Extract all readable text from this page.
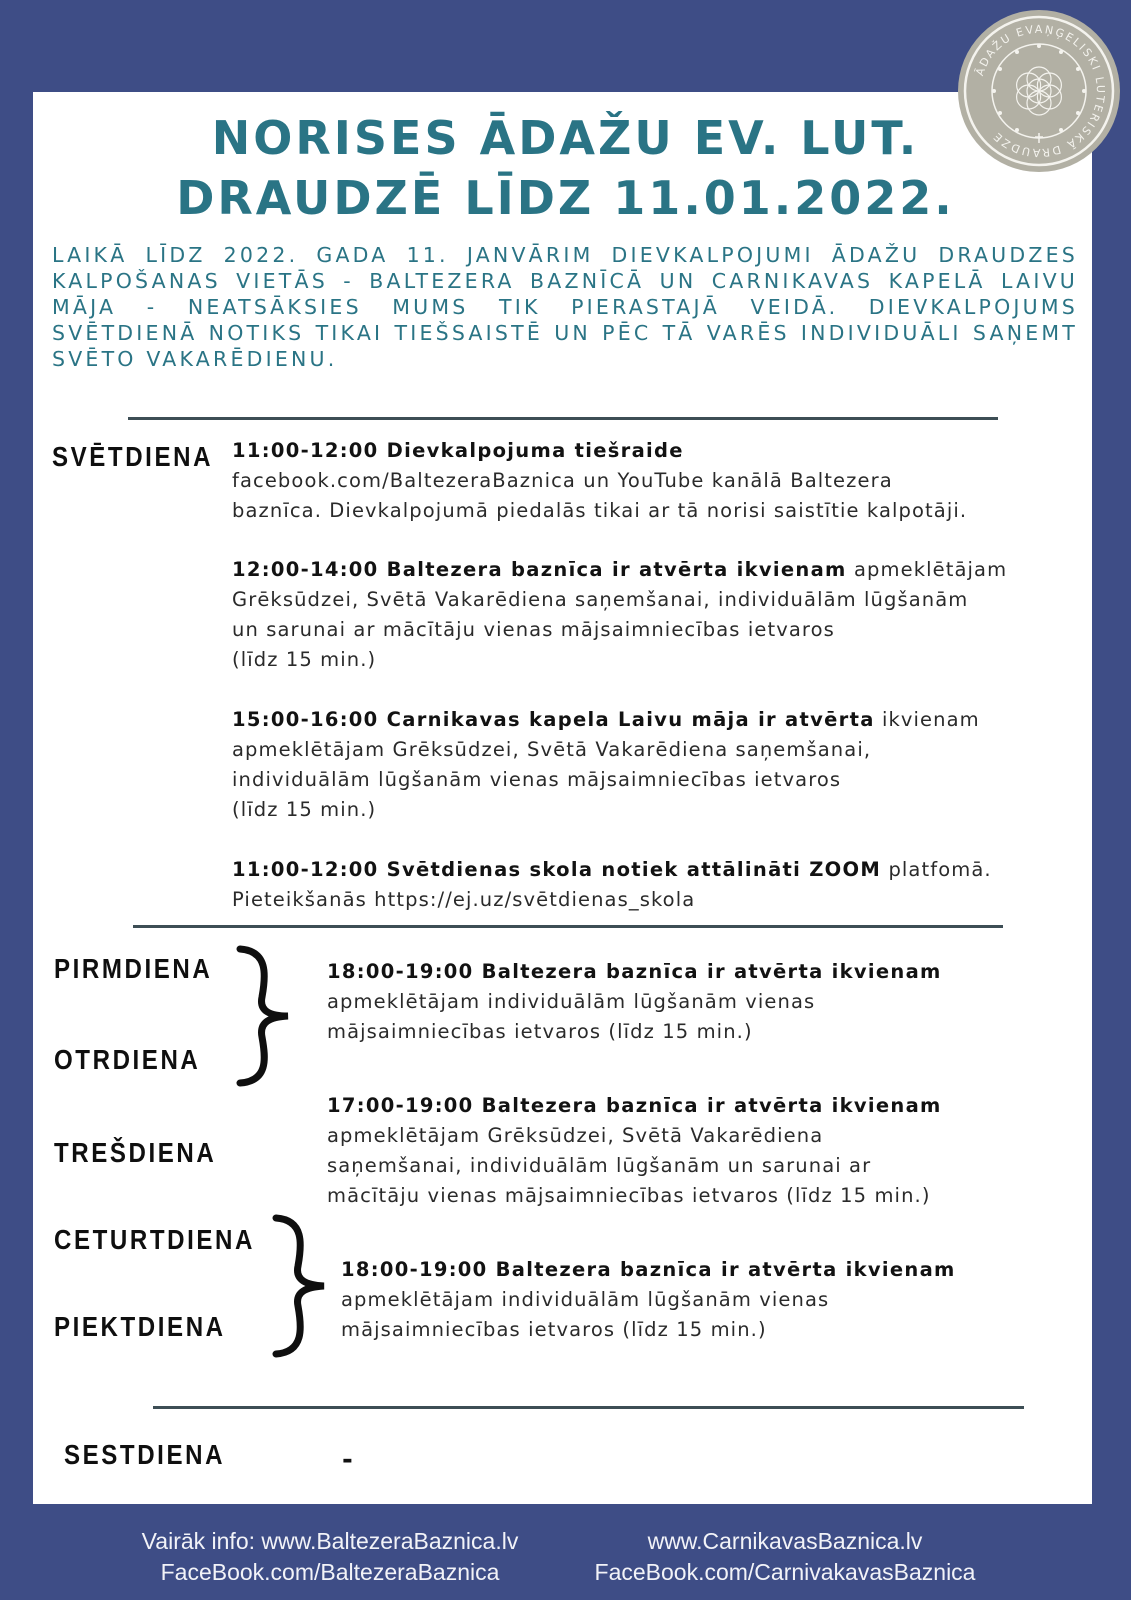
ĀDAŽU EVAŅĢELISKI LUTERISKĀ DRAUDZE
NORISES ĀDAŽU EV. LUT.
DRAUDZĒ LĪDZ 11.01.2022.
LAIKĀ LĪDZ 2022. GADA 11. JANVĀRIM DIEVKALPOJUMI ĀDAŽU DRAUDZES KALPOŠANAS VIETĀS - BALTEZERA BAZNĪCĀ UN CARNIKAVAS KAPELĀ LAIVU MĀJA - NEATSĀKSIES MUMS TIK PIERASTAJĀ VEIDĀ. DIEVKALPOJUMS SVĒTDIENĀ NOTIKS TIKAI TIEŠSAISTĒ UN PĒC TĀ VARĒS INDIVIDUĀLI SAŅEMT SVĒTO VAKARĒDIENU.
SVĒTDIENA 11:00-12:00 Dievkalpojuma tiešraide

facebook.com/BaltezeraBaznica un YouTube kanālā Baltezera

baznīca. Dievkalpojumā piedalās tikai ar tā norisi saistītie kalpotāji.

12:00-14:00 Baltezera baznīca ir atvērta ikvienam apmeklētājam

Grēksūdzei, Svētā Vakarēdiena saņemšanai, individuālām lūgšanām

un sarunai ar mācītāju vienas mājsaimniecības ietvaros

(līdz 15 min.)

15:00-16:00 Carnikavas kapela Laivu māja ir atvērta ikvienam

apmeklētājam Grēksūdzei, Svētā Vakarēdiena saņemšanai,

individuālām lūgšanām vienas mājsaimniecības ietvaros

(līdz 15 min.)

11:00-12:00 Svētdienas skola notiek attālināti ZOOM platfomā.

Pieteikšanās https://ej.uz/svētdienas_skola

PIRMDIENA
OTRDIENA

18:00-19:00 Baltezera baznīca ir atvērta ikvienam

apmeklētājam individuālām lūgšanām vienas

mājsaimniecības ietvaros (līdz 15 min.)

TREŠDIENA

17:00-19:00 Baltezera baznīca ir atvērta ikvienam

apmeklētājam Grēksūdzei, Svētā Vakarēdiena

saņemšanai, individuālām lūgšanām un sarunai ar

mācītāju vienas mājsaimniecības ietvaros (līdz 15 min.)

CETURTDIENA
PIEKTDIENA

18:00-19:00 Baltezera baznīca ir atvērta ikvienam

apmeklētājam individuālām lūgšanām vienas

mājsaimniecības ietvaros (līdz 15 min.)

SESTDIENA	-
Vairāk info: www.BaltezeraBaznica.lv
FaceBook.com/BaltezeraBaznica
www.CarnikavasBaznica.lv
FaceBook.com/CarnivakavasBaznica
